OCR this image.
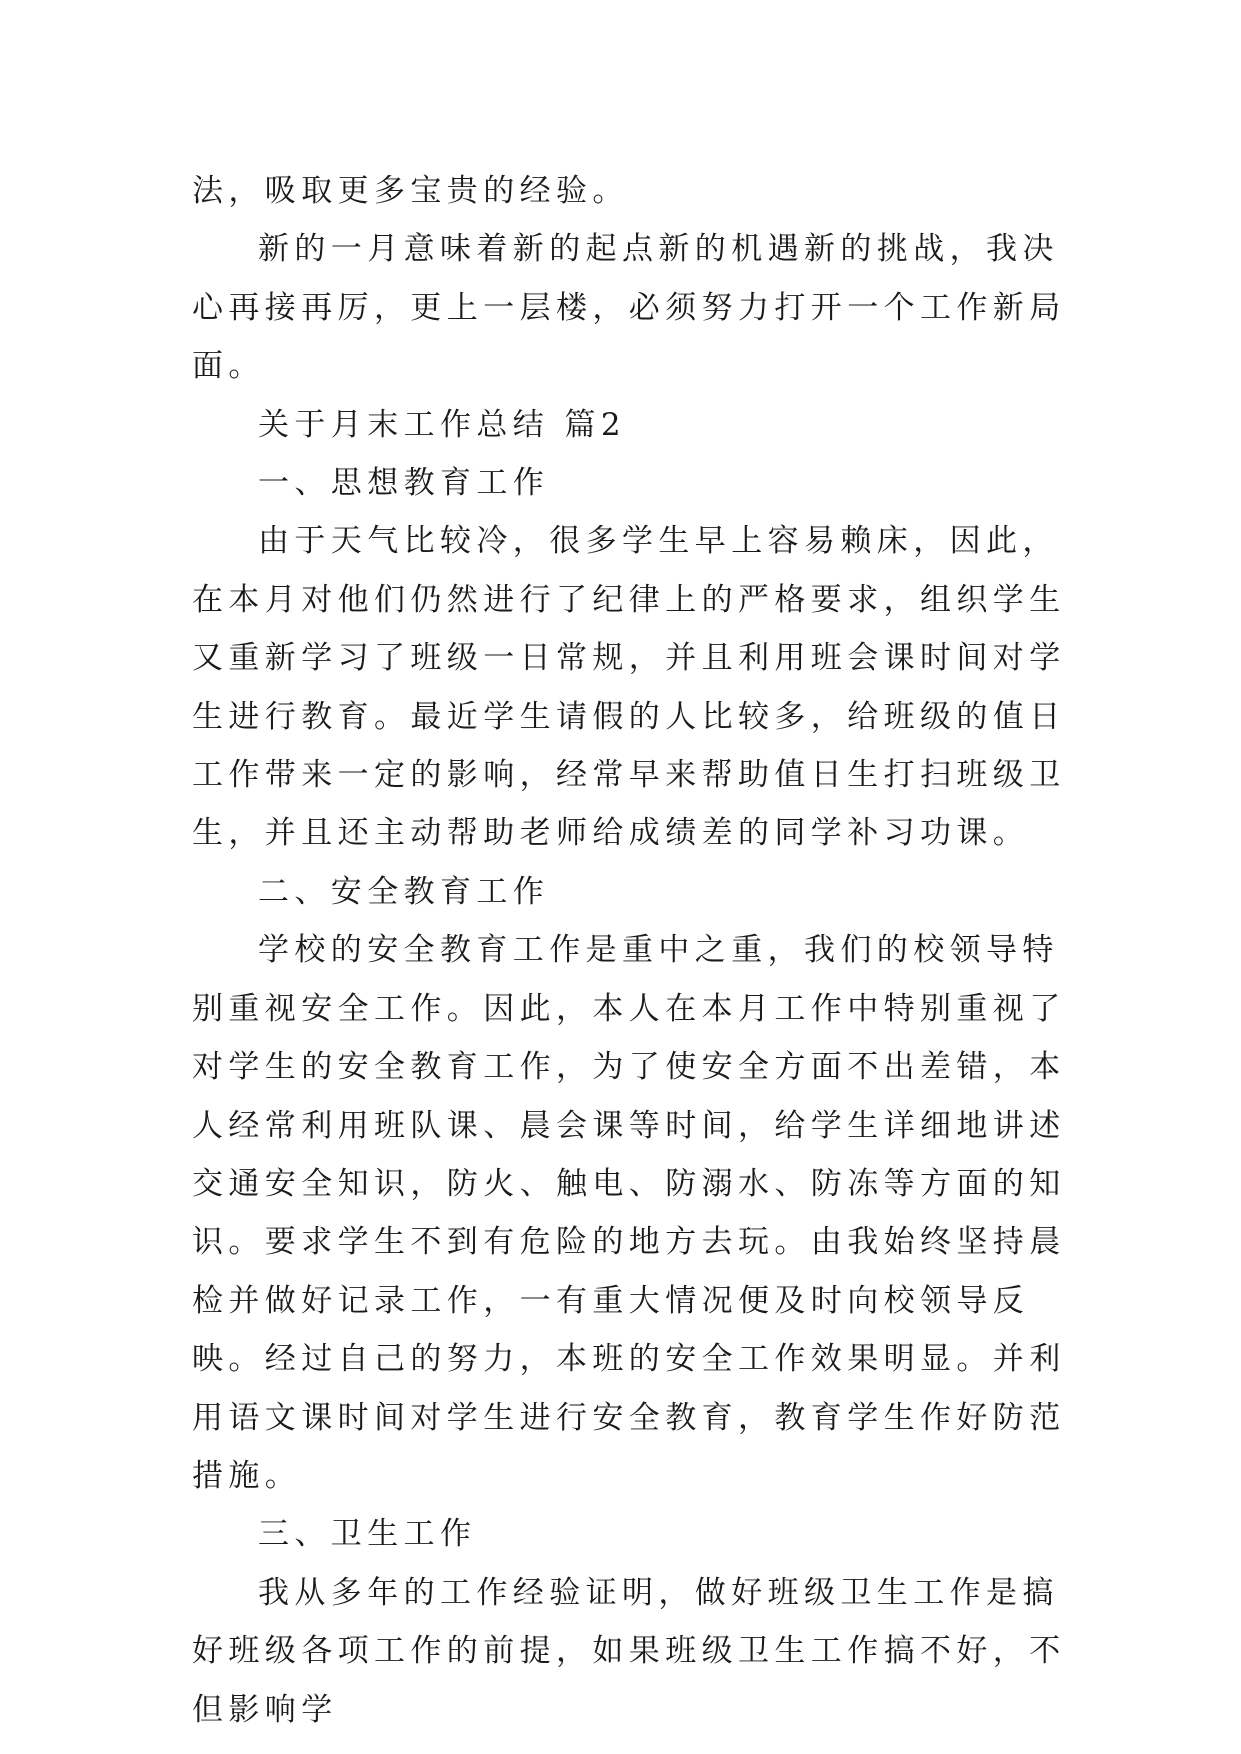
法，吸取更多宝贵的经验。

新的一月意味着新的起点新的机遇新的挑战，我决心再接再厉，更上一层楼，必须努力打开一个工作新局面。

关于月末工作总结 篇2

一、思想教育工作

由于天气比较冷，很多学生早上容易赖床，因此，在本月对他们仍然进行了纪律上的严格要求，组织学生又重新学习了班级一日常规，并且利用班会课时间对学生进行教育。最近学生请假的人比较多，给班级的值日工作带来一定的影响，经常早来帮助值日生打扫班级卫生，并且还主动帮助老师给成绩差的同学补习功课。

二、安全教育工作

学校的安全教育工作是重中之重，我们的校领导特别重视安全工作。因此，本人在本月工作中特别重视了对学生的安全教育工作，为了使安全方面不出差错，本人经常利用班队课、晨会课等时间，给学生详细地讲述交通安全知识，防火、触电、防溺水、防冻等方面的知识。要求学生不到有危险的地方去玩。由我始终坚持晨检并做好记录工作，一有重大情况便及时向校领导反映。经过自己的努力，本班的安全工作效果明显。并利用语文课时间对学生进行安全教育，教育学生作好防范措施。

三、卫生工作

我从多年的工作经验证明，做好班级卫生工作是搞好班级各项工作的前提，如果班级卫生工作搞不好，不但影响学
